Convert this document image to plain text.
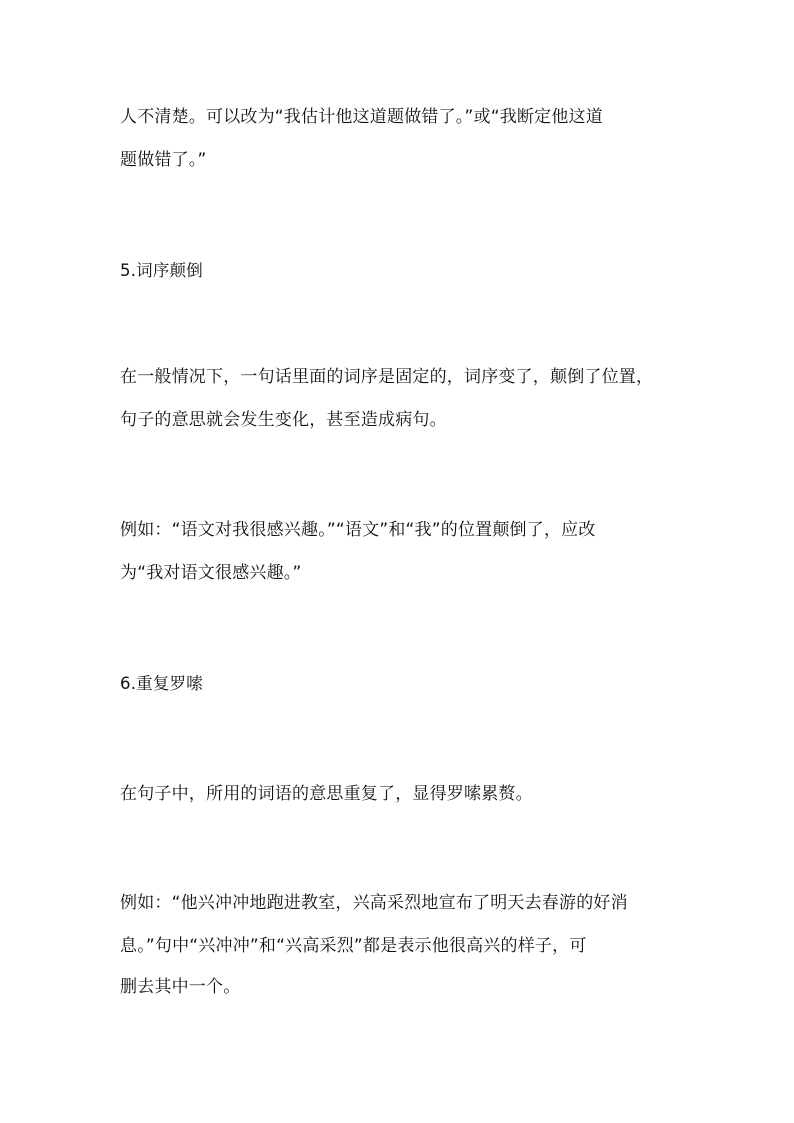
人不清楚。可以改为“我估计他这道题做错了。”或“我断定他这道
题做错了。”
5.词序颠倒
在一般情况下，一句话里面的词序是固定的，词序变了，颠倒了位置，
句子的意思就会发生变化，甚至造成病句。
例如：“语文对我很感兴趣。”“语文”和“我”的位置颠倒了，应改
为“我对语文很感兴趣。”
6.重复罗嗦
在句子中，所用的词语的意思重复了，显得罗嗦累赘。
例如：“他兴冲冲地跑进教室，兴高采烈地宣布了明天去春游的好消
息。”句中“兴冲冲”和“兴高采烈”都是表示他很高兴的样子，可
删去其中一个。
